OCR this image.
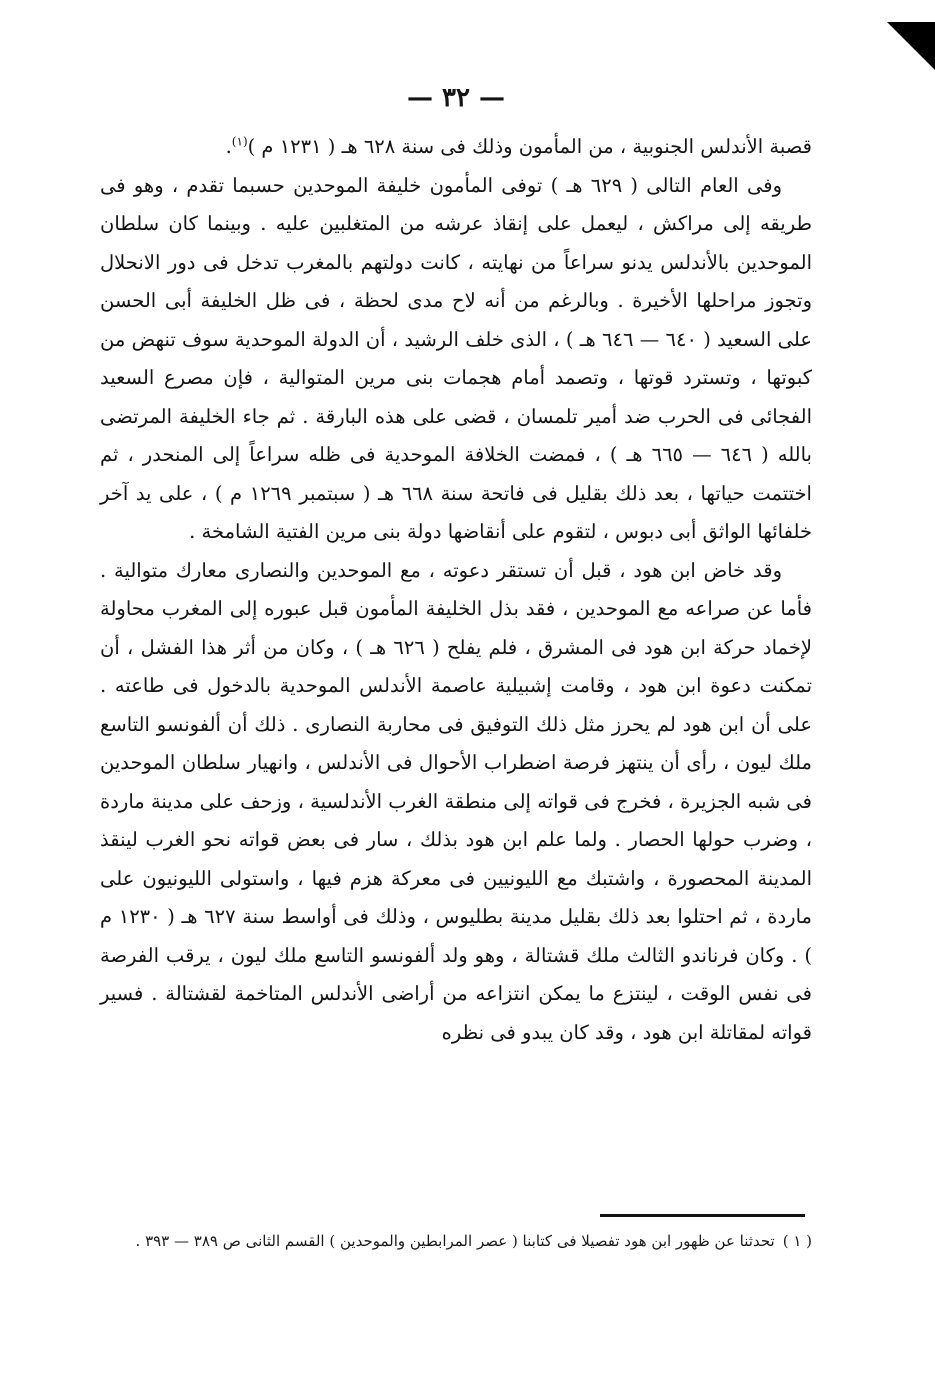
— ٣٢ —

قصبة الأندلس الجنوبية ، من المأمون وذلك فى سنة ٦٢٨ هـ ( ١٢٣١ م )$^{(١)}$.

وفى العام التالى ( ٦٢٩ هـ ) توفى المأمون خليفة الموحدين حسبما تقدم ، وهو فى طريقه إلى مراكش ، ليعمل على إنقاذ عرشه من المتغلبين عليه . وبينما كان سلطان الموحدين بالأندلس يدنو سراعاً من نهايته ، كانت دولتهم بالمغرب تدخل فى دور الانحلال وتجوز مراحلها الأخيرة . وبالرغم من أنه لاح مدى لحظة ، فى ظل الخليفة أبى الحسن على السعيد ( ٦٤٠ — ٦٤٦ هـ ) ، الذى خلف الرشيد ، أن الدولة الموحدية سوف تنهض من كبوتها ، وتسترد قوتها ، وتصمد أمام هجمات بنى مرين المتوالية ، فإن مصرع السعيد الفجائى فى الحرب ضد أمير تلمسان ، قضى على هذه البارقة . ثم جاء الخليفة المرتضى بالله ( ٦٤٦ — ٦٦٥ هـ ) ، فمضت الخلافة الموحدية فى ظله سراعاً إلى المنحدر ، ثم اختتمت حياتها ، بعد ذلك بقليل فى فاتحة سنة ٦٦٨ هـ ( سبتمبر ١٢٦٩ م ) ، على يد آخر خلفائها الواثق أبى دبوس ، لتقوم على أنقاضها دولة بنى مرين الفتية الشامخة .

وقد خاض ابن هود ، قبل أن تستقر دعوته ، مع الموحدين والنصارى معارك متوالية . فأما عن صراعه مع الموحدين ، فقد بذل الخليفة المأمون قبل عبوره إلى المغرب محاولة لإخماد حركة ابن هود فى المشرق ، فلم يفلح ( ٦٢٦ هـ ) ، وكان من أثر هذا الفشل ، أن تمكنت دعوة ابن هود ، وقامت إشبيلية عاصمة الأندلس الموحدية بالدخول فى طاعته . على أن ابن هود لم يحرز مثل ذلك التوفيق فى محاربة النصارى . ذلك أن ألفونسو التاسع ملك ليون ، رأى أن ينتهز فرصة اضطراب الأحوال فى الأندلس ، وانهيار سلطان الموحدين فى شبه الجزيرة ، فخرج فى قواته إلى منطقة الغرب الأندلسية ، وزحف على مدينة ماردة ، وضرب حولها الحصار . ولما علم ابن هود بذلك ، سار فى بعض قواته نحو الغرب لينقذ المدينة المحصورة ، واشتبك مع الليونيين فى معركة هزم فيها ، واستولى الليونيون على ماردة ، ثم احتلوا بعد ذلك بقليل مدينة بطليوس ، وذلك فى أواسط سنة ٦٢٧ هـ ( ١٢٣٠ م ) . وكان فرناندو الثالث ملك قشتالة ، وهو ولد ألفونسو التاسع ملك ليون ، يرقب الفرصة فى نفس الوقت ، لينتزع ما يمكن انتزاعه من أراضى الأندلس المتاخمة لقشتالة . فسير قواته لمقاتلة ابن هود ، وقد كان يبدو فى نظره

( ١ )تحدثنا عن ظهور ابن هود تفصيلا فى كتابنا ( عصر المرابطين والموحدين ) القسم الثانى ص ٣٨٩ — ٣٩٣ .
